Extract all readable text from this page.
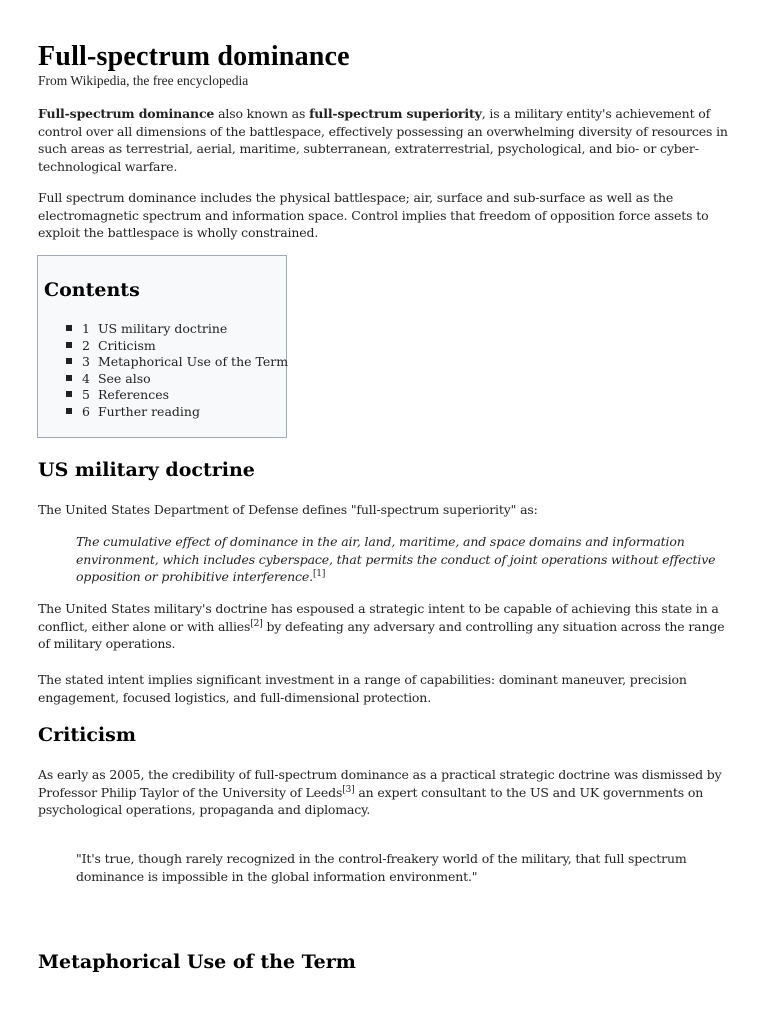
Full-spectrum dominance
From Wikipedia, the free encyclopedia

Full-spectrum dominance also known as full-spectrum superiority, is a military entity's achievement of control over all dimensions of the battlespace, effectively possessing an overwhelming diversity of resources in such areas as terrestrial, aerial, maritime, subterranean, extraterrestrial, psychological, and bio- or cyber-technological warfare.

Full spectrum dominance includes the physical battlespace; air, surface and sub-surface as well as the electromagnetic spectrum and information space. Control implies that freedom of opposition force assets to exploit the battlespace is wholly constrained.

Contents
1 US military doctrine
2 Criticism
3 Metaphorical Use of the Term
4 See also
5 References
6 Further reading
US military doctrine

The United States Department of Defense defines "full-spectrum superiority" as:

The cumulative effect of dominance in the air, land, maritime, and space domains and information environment, which includes cyberspace, that permits the conduct of joint operations without effective opposition or prohibitive interference.[1]

The United States military's doctrine has espoused a strategic intent to be capable of achieving this state in a conflict, either alone or with allies[2] by defeating any adversary and controlling any situation across the range of military operations.

The stated intent implies significant investment in a range of capabilities: dominant maneuver, precision engagement, focused logistics, and full-dimensional protection.

Criticism

As early as 2005, the credibility of full-spectrum dominance as a practical strategic doctrine was dismissed by Professor Philip Taylor of the University of Leeds[3] an expert consultant to the US and UK governments on psychological operations, propaganda and diplomacy.

"It's true, though rarely recognized in the control-freakery world of the military, that full spectrum dominance is impossible in the global information environment."

Metaphorical Use of the Term
